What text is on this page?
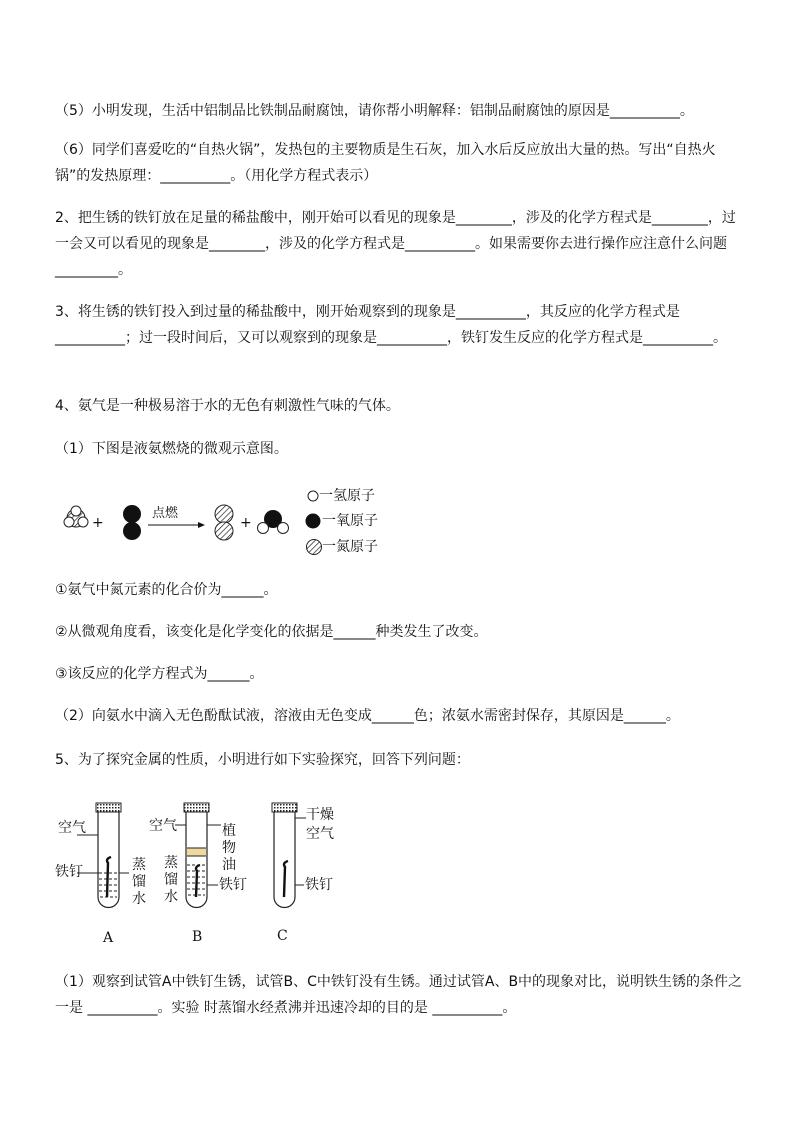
（5）小明发现，生活中铝制品比铁制品耐腐蚀，请你帮小明解释：铝制品耐腐蚀的原因是__________。

（6）同学们喜爱吃的“自热火锅”，发热包的主要物质是生石灰，加入水后反应放出大量的热。写出“自热火锅”的发热原理：__________。（用化学方程式表示）

2、把生锈的铁钉放在足量的稀盐酸中，刚开始可以看见的现象是________，涉及的化学方程式是________，过一会又可以看见的现象是________，涉及的化学方程式是__________。如果需要你去进行操作应注意什么问题_________。

3、将生锈的铁钉投入到过量的稀盐酸中，刚开始观察到的现象是__________，其反应的化学方程式是__________；过一段时间后，又可以观察到的现象是__________，铁钉发生反应的化学方程式是__________。

4、氨气是一种极易溶于水的无色有刺激性气味的气体。

（1）下图是液氨燃烧的微观示意图。

+
点燃
+
一氢原子
一氧原子
一氮原子

①氨气中氮元素的化合价为______。

②从微观角度看，该变化是化学变化的依据是______种类发生了改变。

③该反应的化学方程式为______。

（2）向氨水中滴入无色酚酞试液，溶液由无色变成______色；浓氨水需密封保存，其原因是______。

5、为了探究金属的性质，小明进行如下实验探究，回答下列问题：

空气
铁钉	蒸馏水
A
空气
蒸馏水
植物油
铁钉
B
干燥
空气
铁钉
C

（1）观察到试管A中铁钉生锈，试管B、C中铁钉没有生锈。通过试管A、B中的现象对比，说明铁生锈的条件之一是 __________。实验 时蒸馏水经煮沸并迅速冷却的目的是 __________。
